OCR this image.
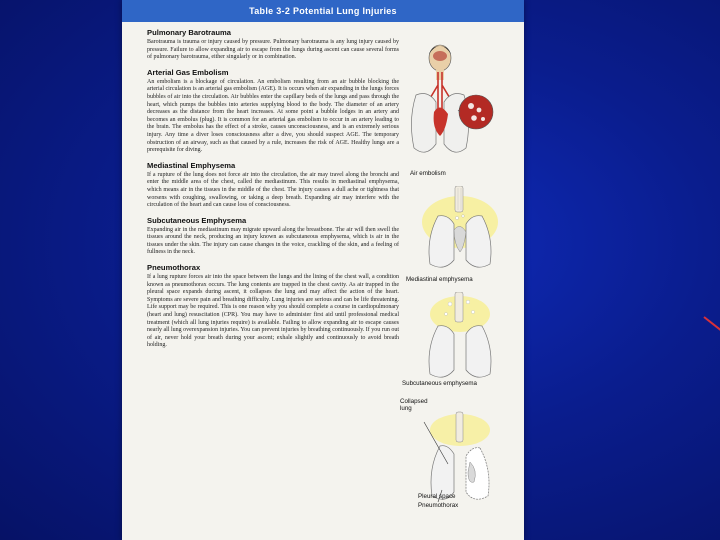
Table 3-2 Potential Lung Injuries

Pulmonary Barotrauma

Barotrauma is trauma or injury caused by pressure. Pulmonary barotrauma is any lung injury caused by pressure. Failure to allow expanding air to escape from the lungs during ascent can cause several forms of pulmonary barotrauma, either singularly or in combination.

Arterial Gas Embolism

An embolism is a blockage of circulation. An embolism resulting from an air bubble blocking the arterial circulation is an arterial gas embolism (AGE). It is occurs when air expanding in the lungs forces bubbles of air into the circulation. Air bubbles enter the capillary beds of the lungs and pass through the heart, which pumps the bubbles into arteries supplying blood to the body. The diameter of an artery decreases as the distance from the heart increases. At some point a bubble lodges in an artery and becomes an embolus (plug). It is common for an arterial gas embolism to occur in an artery leading to the brain. The embolus has the effect of a stroke, causes unconsciousness, and is an extremely serious injury. Any time a diver loses consciousness after a dive, you should suspect AGE. The temporary obstruction of an airway, such as that caused by a rule, increases the risk of AGE. Healthy lungs are a prerequisite for diving.

Mediastinal Emphysema

If a rupture of the lung does not force air into the circulation, the air may travel along the bronchi and enter the middle area of the chest, called the mediastinum. This results in mediastinal emphysema, which means air in the tissues in the middle of the chest. The injury causes a dull ache or tightness that worsens with coughing, swallowing, or taking a deep breath. Expanding air may interfere with the circulation of the heart and can cause loss of consciousness.

Subcutaneous Emphysema

Expanding air in the mediastinum may migrate upward along the breastbone. The air will then swell the tissues around the neck, producing an injury known as subcutaneous emphysema, which is air in the tissues under the skin. The injury can cause changes in the voice, crackling of the skin, and a feeling of fullness in the neck.

Pneumothorax

If a lung rupture forces air into the space between the lungs and the lining of the chest wall, a condition known as pneumothorax occurs. The lung contents are trapped in the chest cavity. As air trapped in the pleural space expands during ascent, it collapses the lung and may affect the action of the heart. Symptoms are severe pain and breathing difficulty. Lung injuries are serious and can be life threatening. Life support may be required. This is one reason why you should complete a course in cardiopulmonary (heart and lung) resuscitation (CPR). You may have to administer first aid until professional medical treatment (which all lung injuries require) is available. Failing to allow expanding air to escape causes nearly all lung overexpansion injuries. You can prevent injuries by breathing continuously. If you run out of air, never hold your breath during your ascent; exhale slightly and continuously to avoid breath holding.

Air embolism
Mediastinal emphysema
Subcutaneous emphysema
Collapsed lung
Pleural space
Pneumothorax
